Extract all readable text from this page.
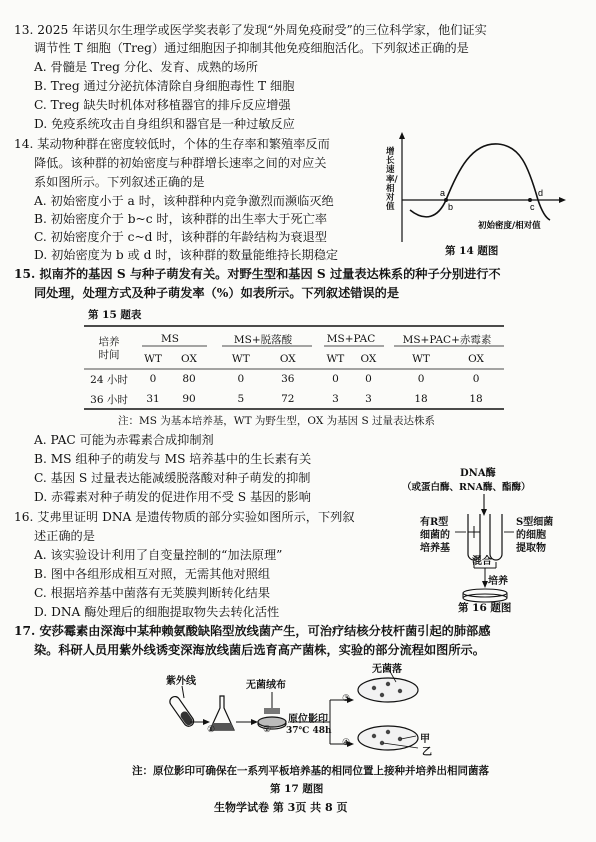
13. 2025 年诺贝尔生理学或医学奖表彰了发现“外周免疫耐受”的三位科学家，他们证实
调节性 T 细胞（Treg）通过细胞因子抑制其他免疫细胞活化。下列叙述正确的是
A. 骨髓是 Treg 分化、发育、成熟的场所
B. Treg 通过分泌抗体清除自身细胞毒性 T 细胞
C. Treg 缺失时机体对移植器官的排斥反应增强
D. 免疫系统攻击自身组织和器官是一种过敏反应
14. 某动物种群在密度较低时，个体的生存率和繁殖率反而
降低。该种群的初始密度与种群增长速率之间的对应关
系如图所示。下列叙述正确的是
A. 初始密度小于 a 时，该种群种内竞争激烈而濒临灭绝
B. 初始密度介于 b~c 时，该种群的出生率大于死亡率
C. 初始密度介于 c~d 时，该种群的年龄结构为衰退型
D. 初始密度为 b 或 d 时，该种群的数量能维持长期稳定
a
b	c
d
初始密度/相对值
增长速率/相对值
第 14 题图
15. 拟南芥的基因 S 与种子萌发有关。对野生型和基因 S 过量表达株系的种子分别进行不
同处理，处理方式及种子萌发率（%）如表所示。下列叙述错误的是
第 15 题表
培养
时间	MS			MS+脱落酸			MS+PAC			MS+PAC+赤霉素	
	WT	OX		WT	OX		WT	OX		WT	OX
24 小时	0	80		0	36		0	0		0	0
36 小时	31	90		5	72		3	3		18	18
注：MS 为基本培养基，WT 为野生型，OX 为基因 S 过量表达株系
A. PAC 可能为赤霉素合成抑制剂
B. MS 组种子的萌发与 MS 培养基中的生长素有关
C. 基因 S 过量表达能减缓脱落酸对种子萌发的抑制
D. 赤霉素对种子萌发的促进作用不受 S 基因的影响
16. 艾弗里证明 DNA 是遗传物质的部分实验如图所示，下列叙
述正确的是
A. 该实验设计利用了自变量控制的“加法原理”
B. 图中各组形成相互对照，无需其他对照组
C. 根据培养基中菌落有无荚膜判断转化结果
D. DNA 酶处理后的细胞提取物失去转化活性
DNA酶
（或蛋白酶、RNA酶、酯酶）
有R型
细菌的
培养基
S型细菌
的细胞
提取物
混合
培养
第 16 题图
17. 安莎霉素由深海中某种赖氨酸缺陷型放线菌产生，可治疗结核分枝杆菌引起的肺部感
染。科研人员用紫外线诱变深海放线菌后选育高产菌株，实验的部分流程如图所示。
紫外线	无菌绒布
无菌落
原位影印
37℃ 48h
①	②
③
④	甲
乙
注：原位影印可确保在一系列平板培养基的相同位置上接种并培养出相同菌落
第 17 题图
生物学试卷 第 3页 共 8 页
